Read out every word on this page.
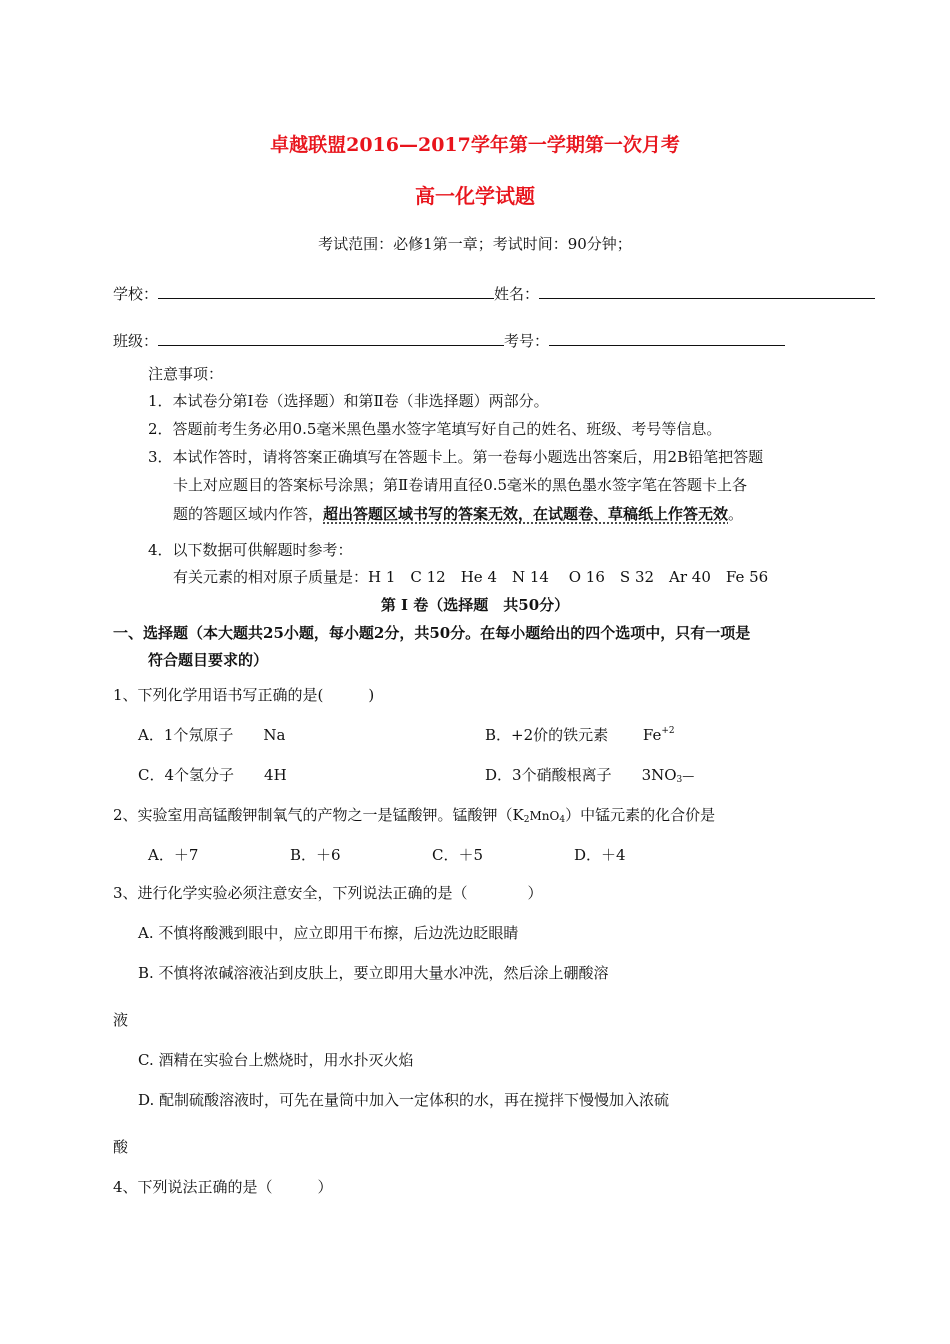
卓越联盟2016—2017学年第一学期第一次月考
高一化学试题
考试范围：必修1第一章；考试时间：90分钟；
学校：	姓名：
班级：	考号：
注意事项：
1．本试卷分第Ⅰ卷（选择题）和第Ⅱ卷（非选择题）两部分。
2．答题前考生务必用0.5毫米黑色墨水签字笔填写好自己的姓名、班级、考号等信息。
3．本试作答时，请将答案正确填写在答题卡上。第一卷每小题选出答案后，用2B铅笔把答题
卡上对应题目的答案标号涂黑；第Ⅱ卷请用直径0.5毫米的黑色墨水签字笔在答题卡上各
题的答题区域内作答，超出答题区域书写的答案无效，在试题卷、草稿纸上作答无效。
4．以下数据可供解题时参考：
有关元素的相对原子质量是：H 1　C 12　He 4　N 14　 O 16　S 32　Ar 40　Fe 56
第 Ⅰ 卷（选择题　共50分）
一、选择题（本大题共25小题，每小题2分，共50分。在每小题给出的四个选项中，只有一项是
符合题目要求的）
1、下列化学用语书写正确的是(　　　)
A．1个氖原子　　Na	B．+2价的铁元素　　 $Fe^{+2}$
C．4个氢分子　　4H	D．3个硝酸根离子　　$3NO_3—$
2、实验室用高锰酸钾制氧气的产物之一是锰酸钾。锰酸钾$(K_2MnO_4)$中锰元素的化合价是
A．＋7	B．＋6	C．＋5	D．＋4
3、进行化学实验必须注意安全，下列说法正确的是（　　　　）
A. 不慎将酸溅到眼中，应立即用干布擦，后边洗边眨眼睛
B. 不慎将浓碱溶液沾到皮肤上，要立即用大量水冲洗，然后涂上硼酸溶
液
C. 酒精在实验台上燃烧时，用水扑灭火焰
D. 配制硫酸溶液时，可先在量筒中加入一定体积的水，再在搅拌下慢慢加入浓硫
酸
4、下列说法正确的是（　　　）
